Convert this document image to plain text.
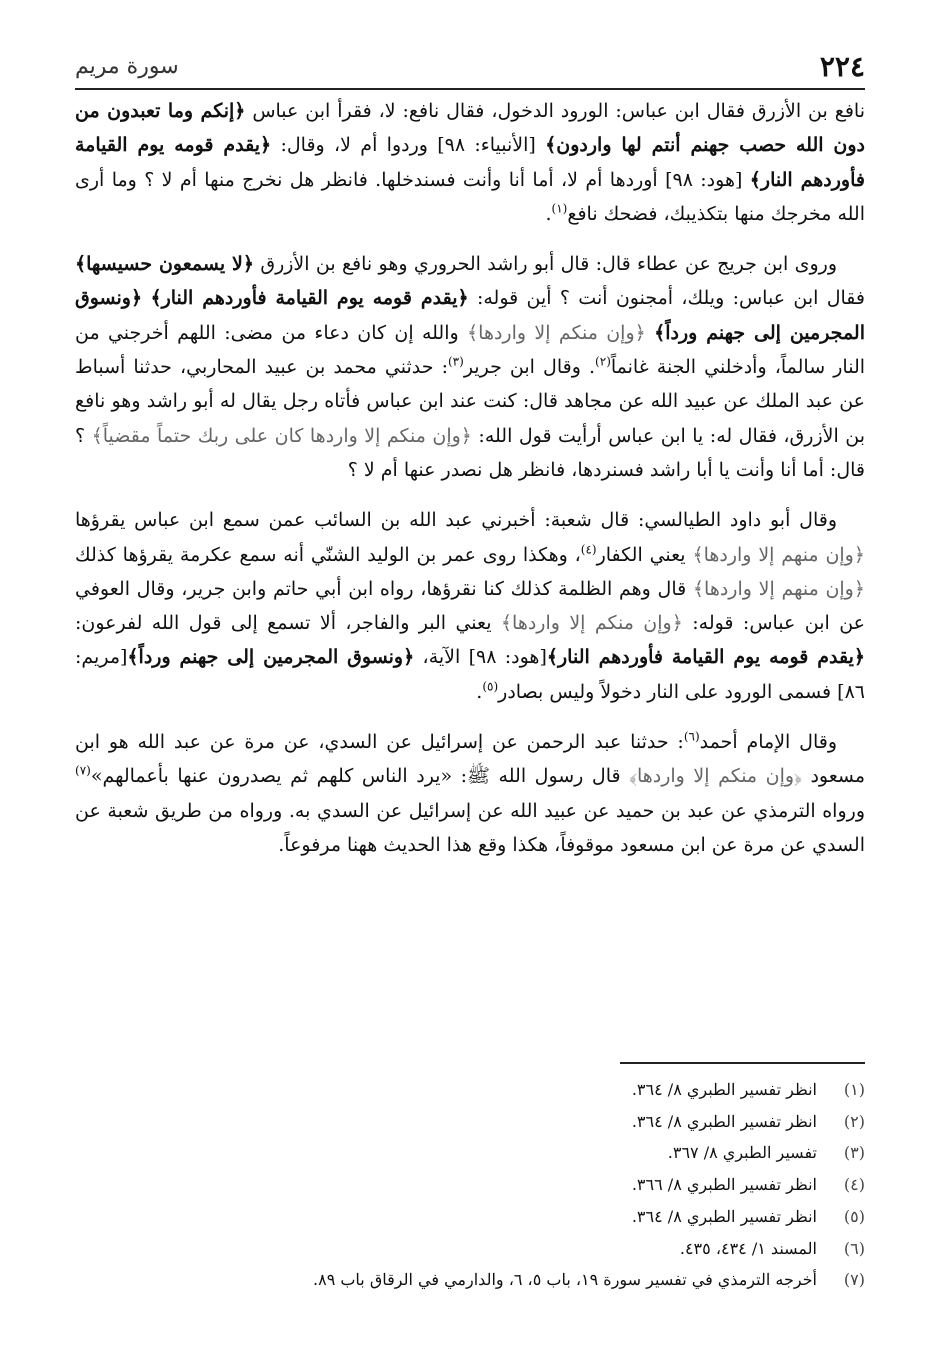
٢٢٤
سورة مريم

نافع بن الأزرق فقال ابن عباس: الورود الدخول، فقال نافع: لا، فقرأ ابن عباس ﴿إنكم وما تعبدون من دون الله حصب جهنم أنتم لها واردون﴾ [الأنبياء: ٩٨] وردوا أم لا، وقال: ﴿يقدم قومه يوم القيامة فأوردهم النار﴾ [هود: ٩٨] أوردها أم لا، أما أنا وأنت فسندخلها. فانظر هل نخرج منها أم لا ؟ وما أرى الله مخرجك منها بتكذيبك، فضحك نافع$^{(١)}$.

وروى ابن جريج عن عطاء قال: قال أبو راشد الحروري وهو نافع بن الأزرق ﴿لا يسمعون حسيسها﴾ فقال ابن عباس: ويلك، أمجنون أنت ؟ أين قوله: ﴿يقدم قومه يوم القيامة فأوردهم النار﴾ ﴿ونسوق المجرمين إلى جهنم ورداً﴾ ﴿وإن منكم إلا واردها﴾ والله إن كان دعاء من مضى: اللهم أخرجني من النار سالماً، وأدخلني الجنة غانماً$^{(٢)}$. وقال ابن جرير$^{(٣)}$: حدثني محمد بن عبيد المحاربي، حدثنا أسباط عن عبد الملك عن عبيد الله عن مجاهد قال: كنت عند ابن عباس فأتاه رجل يقال له أبو راشد وهو نافع بن الأزرق، فقال له: يا ابن عباس أرأيت قول الله: ﴿وإن منكم إلا واردها كان على ربك حتماً مقضياً﴾ ؟ قال: أما أنا وأنت يا أبا راشد فسنردها، فانظر هل نصدر عنها أم لا ؟

وقال أبو داود الطيالسي: قال شعبة: أخبرني عبد الله بن السائب عمن سمع ابن عباس يقرؤها ﴿وإن منهم إلا واردها﴾ يعني الكفار$^{(٤)}$، وهكذا روى عمر بن الوليد الشنّي أنه سمع عكرمة يقرؤها كذلك ﴿وإن منهم إلا واردها﴾ قال وهم الظلمة كذلك كنا نقرؤها، رواه ابن أبي حاتم وابن جرير، وقال العوفي عن ابن عباس: قوله: ﴿وإن منكم إلا واردها﴾ يعني البر والفاجر، ألا تسمع إلى قول الله لفرعون: ﴿يقدم قومه يوم القيامة فأوردهم النار﴾[هود: ٩٨] الآية، ﴿ونسوق المجرمين إلى جهنم ورداً﴾[مريم: ٨٦] فسمى الورود على النار دخولاً وليس بصادر$^{(٥)}$.

وقال الإمام أحمد$^{(٦)}$: حدثنا عبد الرحمن عن إسرائيل عن السدي، عن مرة عن عبد الله هو ابن مسعود ﴿وإن منكم إلا واردها﴾ قال رسول الله ﷺ: «يرد الناس كلهم ثم يصدرون عنها بأعمالهم»$^{(٧)}$ ورواه الترمذي عن عبد بن حميد عن عبيد الله عن إسرائيل عن السدي به. ورواه من طريق شعبة عن السدي عن مرة عن ابن مسعود موقوفاً، هكذا وقع هذا الحديث ههنا مرفوعاً.

(١)انظر تفسير الطبري ٨/ ٣٦٤.
(٢)انظر تفسير الطبري ٨/ ٣٦٤.
(٣)تفسير الطبري ٨/ ٣٦٧.
(٤)انظر تفسير الطبري ٨/ ٣٦٦.
(٥)انظر تفسير الطبري ٨/ ٣٦٤.
(٦)المسند ١/ ٤٣٤، ٤٣٥.
(٧)أخرجه الترمذي في تفسير سورة ١٩، باب ٥، ٦، والدارمي في الرقاق باب ٨٩.
